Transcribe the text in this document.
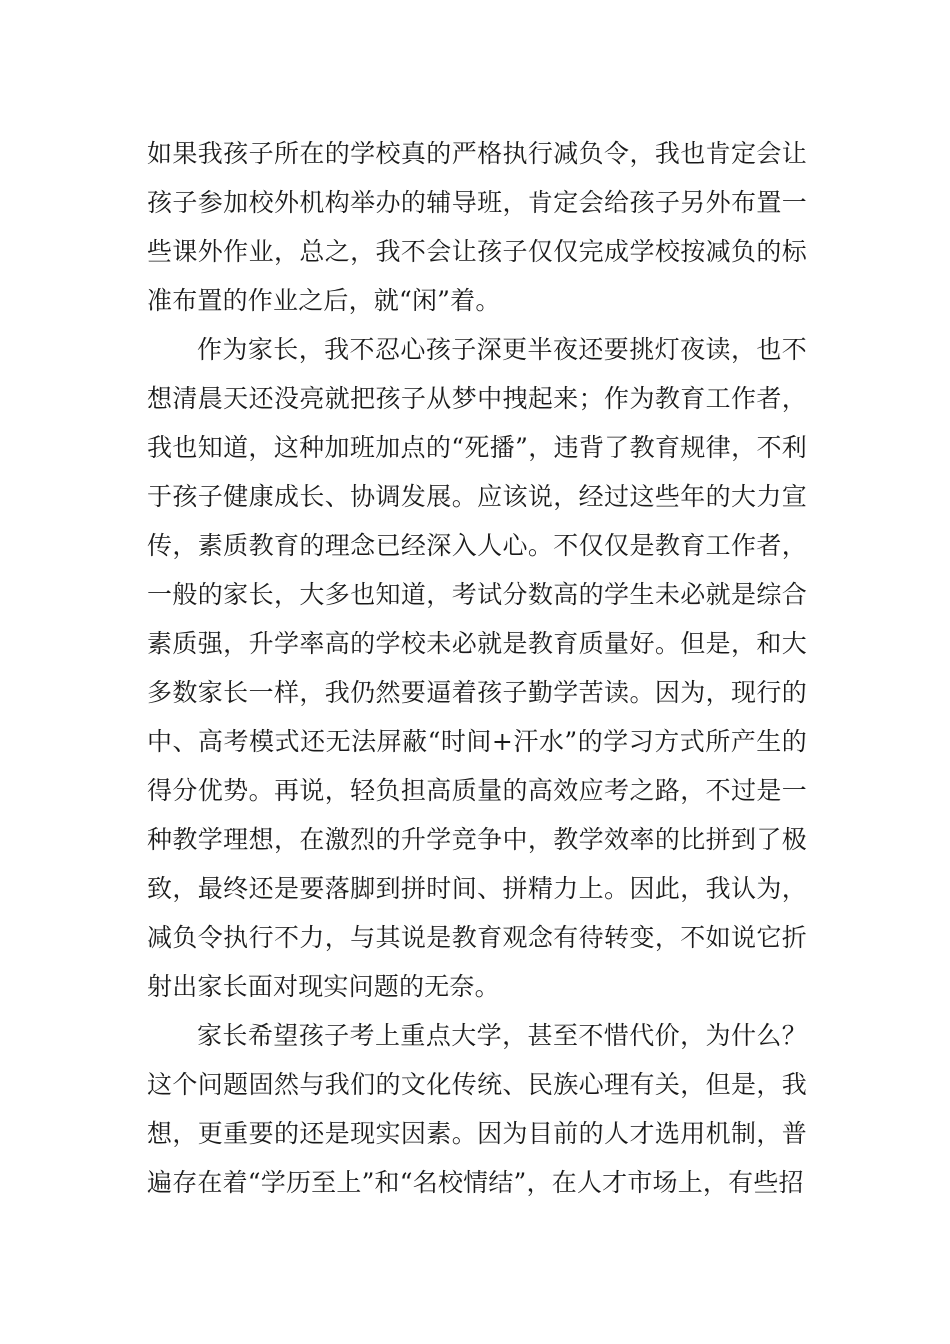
如果我孩子所在的学校真的严格执行减负令，我也肯定会让孩子参加校外机构举办的辅导班，肯定会给孩子另外布置一些课外作业，总之，我不会让孩子仅仅完成学校按减负的标准布置的作业之后，就“闲”着。

作为家长，我不忍心孩子深更半夜还要挑灯夜读，也不想清晨天还没亮就把孩子从梦中拽起来；作为教育工作者，我也知道，这种加班加点的“死播”，违背了教育规律，不利于孩子健康成长、协调发展。应该说，经过这些年的大力宣传，素质教育的理念已经深入人心。不仅仅是教育工作者，一般的家长，大多也知道，考试分数高的学生未必就是综合素质强，升学率高的学校未必就是教育质量好。但是，和大多数家长一样，我仍然要逼着孩子勤学苦读。因为，现行的中、高考模式还无法屏蔽“时间+汗水”的学习方式所产生的得分优势。再说，轻负担高质量的高效应考之路，不过是一种教学理想，在激烈的升学竞争中，教学效率的比拼到了极致，最终还是要落脚到拼时间、拼精力上。因此，我认为，减负令执行不力，与其说是教育观念有待转变，不如说它折射出家长面对现实问题的无奈。

家长希望孩子考上重点大学，甚至不惜代价，为什么？这个问题固然与我们的文化传统、民族心理有关，但是，我想，更重要的还是现实因素。因为目前的人才选用机制，普遍存在着“学历至上”和“名校情结”，在人才市场上，有些招
